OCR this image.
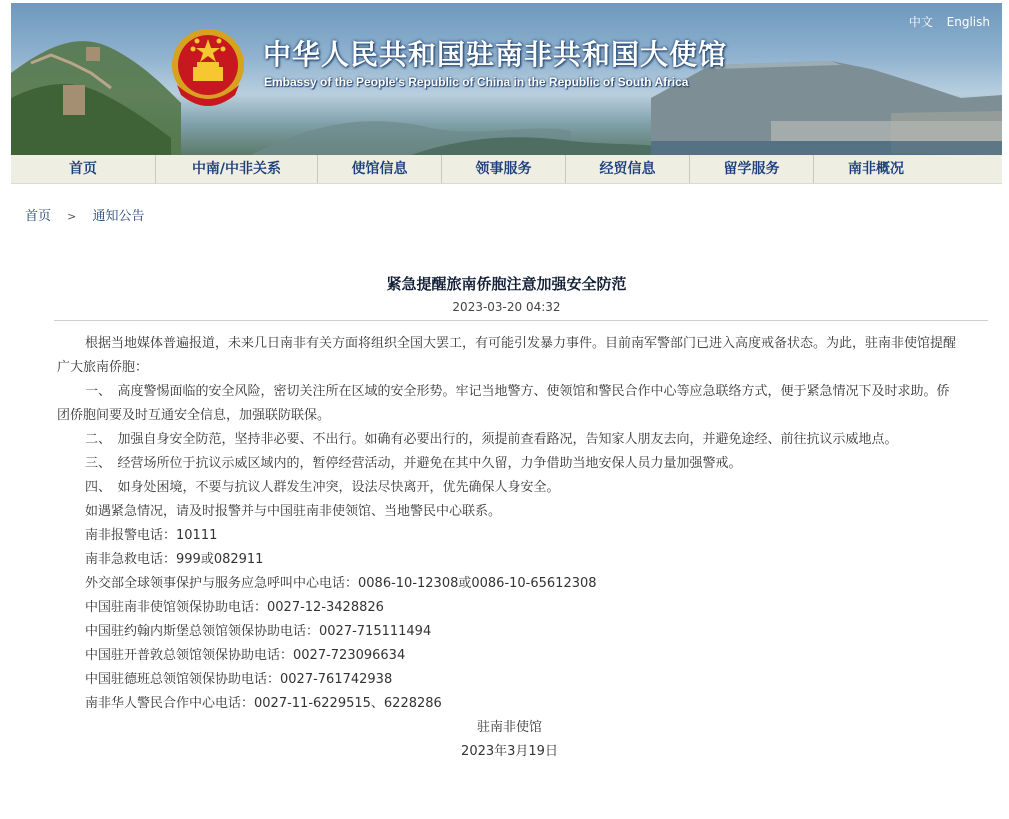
中文 English
中华人民共和国驻南非共和国大使馆
Embassy of the People's Republic of China in the Republic of South Africa
首页	中南/中非关系	使馆信息	领事服务	经贸信息	留学服务	南非概况
首页 > 通知公告
紧急提醒旅南侨胞注意加强安全防范
2023-03-20 04:32

根据当地媒体普遍报道，未来几日南非有关方面将组织全国大罢工，有可能引发暴力事件。目前南军警部门已进入高度戒备状态。为此，驻南非使馆提醒广大旅南侨胞：

一、　高度警惕面临的安全风险，密切关注所在区域的安全形势。牢记当地警方、使领馆和警民合作中心等应急联络方式，便于紧急情况下及时求助。侨团侨胞间要及时互通安全信息，加强联防联保。

二、　加强自身安全防范，坚持非必要、不出行。如确有必要出行的，须提前查看路况，告知家人朋友去向，并避免途经、前往抗议示威地点。

三、　经营场所位于抗议示威区域内的，暂停经营活动，并避免在其中久留，力争借助当地安保人员力量加强警戒。

四、　如身处困境，不要与抗议人群发生冲突，设法尽快离开，优先确保人身安全。

如遇紧急情况，请及时报警并与中国驻南非使领馆、当地警民中心联系。

南非报警电话：10111

南非急救电话：999或082911

外交部全球领事保护与服务应急呼叫中心电话：0086-10-12308或0086-10-65612308

中国驻南非使馆领保协助电话：0027-12-3428826

中国驻约翰内斯堡总领馆领保协助电话：0027-715111494

中国驻开普敦总领馆领保协助电话：0027-723096634

中国驻德班总领馆领保协助电话：0027-761742938

南非华人警民合作中心电话：0027-11-6229515、6228286

驻南非使馆

2023年3月19日
